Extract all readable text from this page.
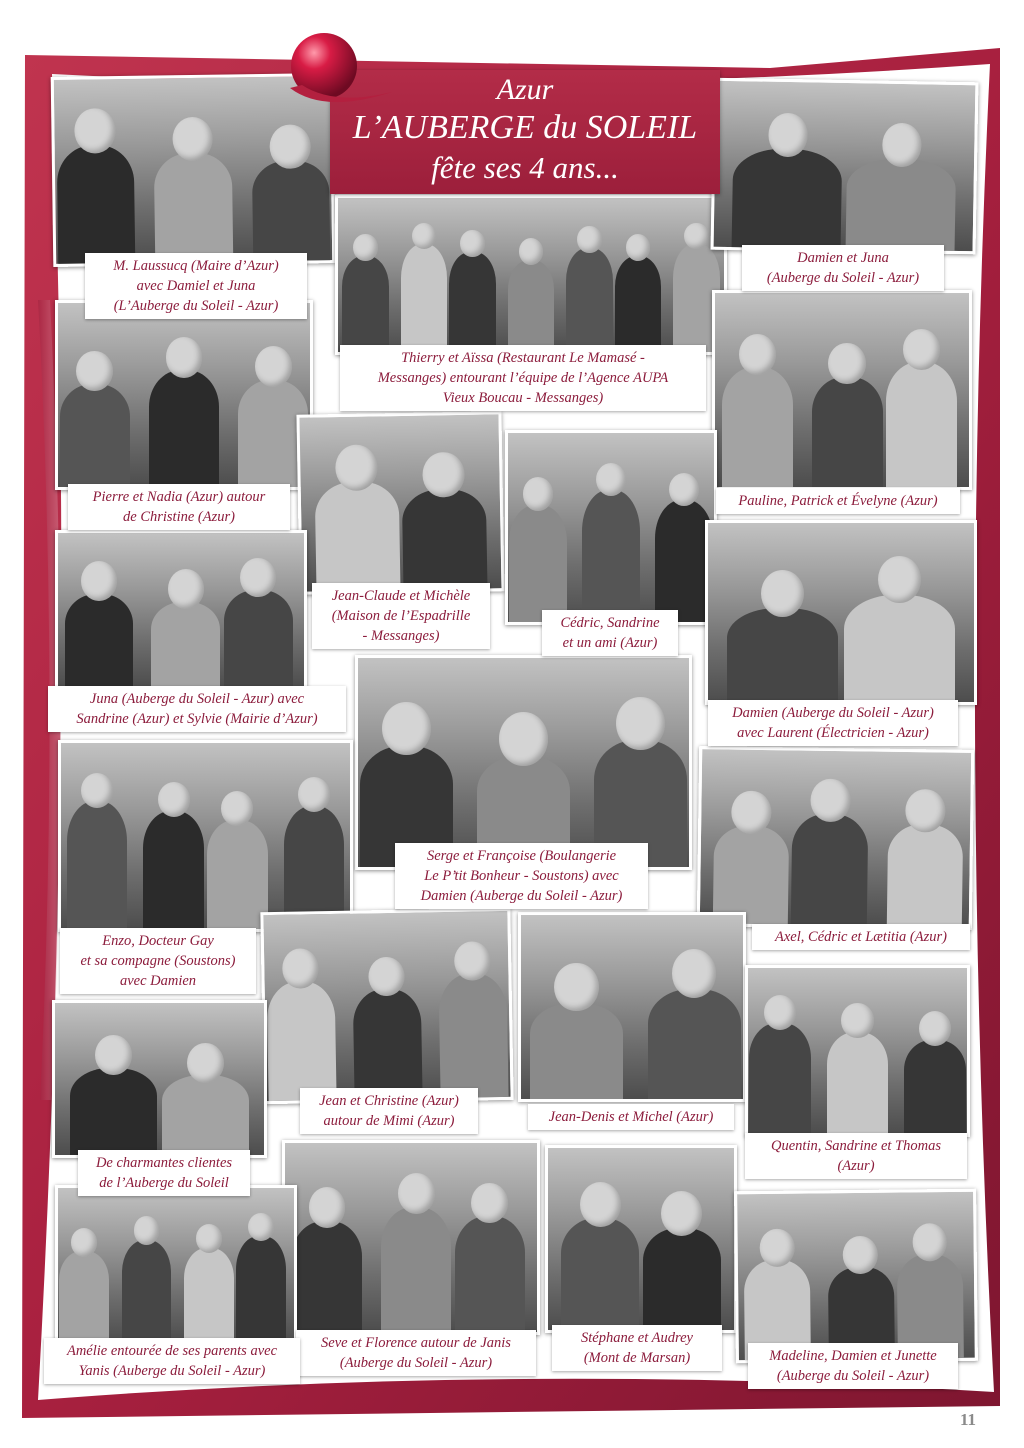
M. Laussucq (Maire d’Azur)
avec Damiel et Juna
(L’Auberge du Soleil - Azur)
Thierry et Aïssa (Restaurant Le Mamasé -
Messanges) entourant l’équipe de l’Agence AUPA
Vieux Boucau - Messanges)
Damien et Juna
(Auberge du Soleil - Azur)
Pierre et Nadia (Azur) autour
de Christine (Azur)
Pauline, Patrick et Évelyne (Azur)
Jean-Claude et Michèle
(Maison de l’Espadrille
- Messanges)
Cédric, Sandrine
et un ami (Azur)
Juna (Auberge du Soleil - Azur) avec
Sandrine (Azur) et Sylvie (Mairie d’Azur)	Damien (Auberge du Soleil - Azur)
avec Laurent (Électricien - Azur)
Serge et Françoise (Boulangerie
Le P’tit Bonheur - Soustons) avec
Damien (Auberge du Soleil - Azur)
Enzo, Docteur Gay
et sa compagne (Soustons)
avec Damien
Axel, Cédric et Lætitia (Azur)
Jean et Christine (Azur)
autour de Mimi (Azur)	Jean-Denis et Michel (Azur)
De charmantes clientes
de l’Auberge du Soleil
Quentin, Sandrine et Thomas
(Azur)
Seve et Florence autour de Janis
(Auberge du Soleil - Azur)
Stéphane et Audrey
(Mont de Marsan)
Amélie entourée de ses parents avec
Yanis (Auberge du Soleil - Azur)
Madeline, Damien et Junette
(Auberge du Soleil - Azur)
Azur
L’AUBERGE du SOLEIL
fête ses 4 ans...
11
